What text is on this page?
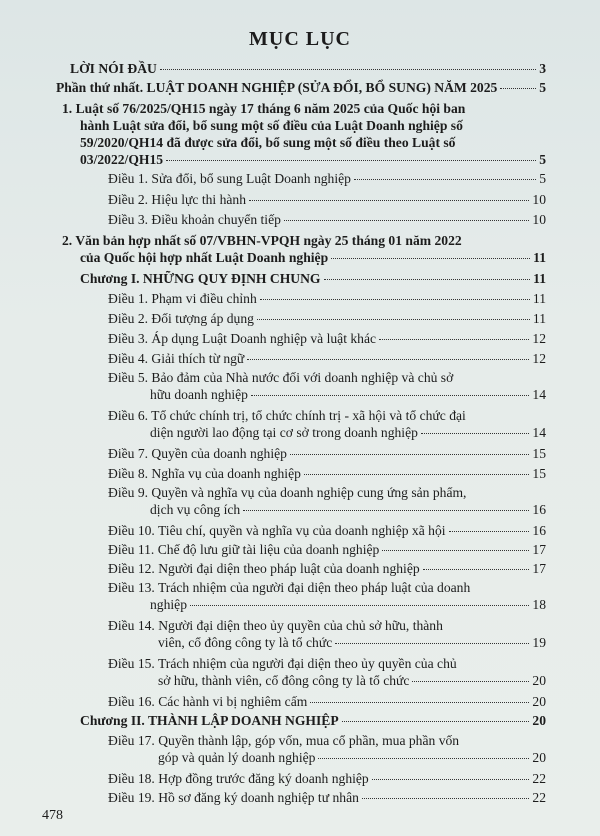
MỤC LỤC
LỜI NÓI ĐẦU	3
Phần thứ nhất. LUẬT DOANH NGHIỆP (SỬA ĐỔI, BỔ SUNG) NĂM 2025	5
1. Luật số 76/2025/QH15 ngày 17 tháng 6 năm 2025 của Quốc hội ban
hành Luật sửa đổi, bổ sung một số điều của Luật Doanh nghiệp số
59/2020/QH14 đã được sửa đổi, bổ sung một số điều theo Luật số
03/2022/QH15	5
Điều 1. Sửa đổi, bổ sung Luật Doanh nghiệp	5
Điều 2. Hiệu lực thi hành	10
Điều 3. Điều khoản chuyển tiếp	10
2. Văn bản hợp nhất số 07/VBHN-VPQH ngày 25 tháng 01 năm 2022
của Quốc hội hợp nhất Luật Doanh nghiệp	11
Chương I. NHỮNG QUY ĐỊNH CHUNG	11
Điều 1. Phạm vi điều chỉnh	11
Điều 2. Đối tượng áp dụng	11
Điều 3. Áp dụng Luật Doanh nghiệp và luật khác	12
Điều 4. Giải thích từ ngữ	12
Điều 5. Bảo đảm của Nhà nước đối với doanh nghiệp và chủ sở
hữu doanh nghiệp	14
Điều 6. Tổ chức chính trị, tổ chức chính trị - xã hội và tổ chức đại
diện người lao động tại cơ sở trong doanh nghiệp	14
Điều 7. Quyền của doanh nghiệp	15
Điều 8. Nghĩa vụ của doanh nghiệp	15
Điều 9. Quyền và nghĩa vụ của doanh nghiệp cung ứng sản phẩm,
dịch vụ công ích	16
Điều 10. Tiêu chí, quyền và nghĩa vụ của doanh nghiệp xã hội	16
Điều 11. Chế độ lưu giữ tài liệu của doanh nghiệp	17
Điều 12. Người đại diện theo pháp luật của doanh nghiệp	17
Điều 13. Trách nhiệm của người đại diện theo pháp luật của doanh
nghiệp	18
Điều 14. Người đại diện theo ủy quyền của chủ sở hữu, thành
viên, cổ đông công ty là tổ chức	19
Điều 15. Trách nhiệm của người đại diện theo ủy quyền của chủ
sở hữu, thành viên, cổ đông công ty là tổ chức	20
Điều 16. Các hành vi bị nghiêm cấm	20
Chương II. THÀNH LẬP DOANH NGHIỆP	20
Điều 17. Quyền thành lập, góp vốn, mua cổ phần, mua phần vốn
góp và quản lý doanh nghiệp	20
Điều 18. Hợp đồng trước đăng ký doanh nghiệp	22
Điều 19. Hồ sơ đăng ký doanh nghiệp tư nhân	22
478
